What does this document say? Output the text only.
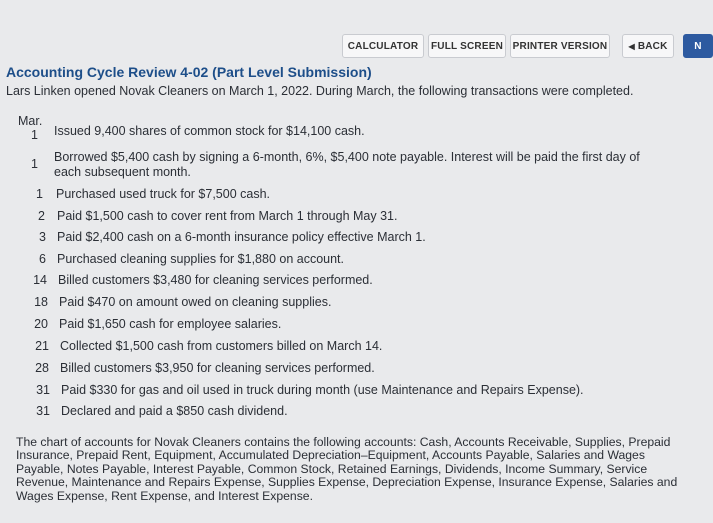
CALCULATOR	FULL SCREEN PRINTER VERSION	◀ BACK	N
Accounting Cycle Review 4-02 (Part Level Submission)
Lars Linken opened Novak Cleaners on March 1, 2022. During March, the following transactions were completed.
Mar.
1 Issued 9,400 shares of common stock for $14,100 cash.
1 Borrowed $5,400 cash by signing a 6-month, 6%, $5,400 note payable. Interest will be paid the first day of
each subsequent month.
1 Purchased used truck for $7,500 cash.
2 Paid $1,500 cash to cover rent from March 1 through May 31.
3 Paid $2,400 cash on a 6-month insurance policy effective March 1.
6 Purchased cleaning supplies for $1,880 on account.
14 Billed customers $3,480 for cleaning services performed.
18 Paid $470 on amount owed on cleaning supplies.
20 Paid $1,650 cash for employee salaries.
21 Collected $1,500 cash from customers billed on March 14.
28 Billed customers $3,950 for cleaning services performed.
31 Paid $330 for gas and oil used in truck during month (use Maintenance and Repairs Expense).
31 Declared and paid a $850 cash dividend.
The chart of accounts for Novak Cleaners contains the following accounts: Cash, Accounts Receivable, Supplies, Prepaid Insurance, Prepaid Rent, Equipment, Accumulated Depreciation–Equipment, Accounts Payable, Salaries and Wages Payable, Notes Payable, Interest Payable, Common Stock, Retained Earnings, Dividends, Income Summary, Service Revenue, Maintenance and Repairs Expense, Supplies Expense, Depreciation Expense, Insurance Expense, Salaries and Wages Expense, Rent Expense, and Interest Expense.
